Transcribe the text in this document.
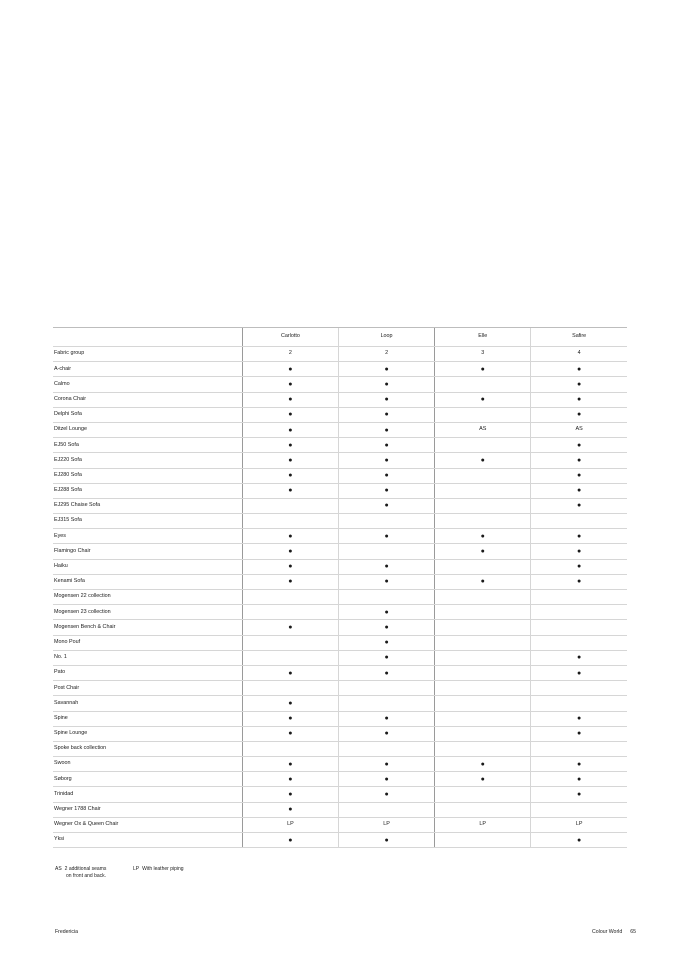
	Carlotto	Loop	Elle	Safire
Fabric group	2	2	3	4
A-chair	●	●	●	●
Calmo	●	●		●
Corona Chair	●	●	●	●
Delphi Sofa	●	●		●
Ditzel Lounge	●	●	AS	AS
EJ50 Sofa	●	●		●
EJ220 Sofa	●	●	●	●
EJ280 Sofa	●	●		●
EJ288 Sofa	●	●		●
EJ295 Chaise Sofa		●		●
EJ315 Sofa				
Eyes	●	●	●	●
Flamingo Chair	●		●	●
Haiku	●	●		●
Kenami Sofa	●	●	●	●
Mogensen 22 collection				
Mogensen 23 collection		●		
Mogensen Bench & Chair	●	●		
Mono Pouf		●		
No. 1		●		●
Pato	●	●		●
Post Chair				
Savannah	●			
Spine	●	●		●
Spine Lounge	●	●		●
Spoke back collection				
Swoon	●	●	●	●
Søborg	●	●	●	●
Trinidad	●	●		●
Wegner 1788 Chair	●			
Wegner Ox & Queen Chair	LP	LP	LP	LP
Yksi	●	●		●
AS 2 additional seams
on front and back.
LP With leather piping
Fredericia	Colour World 65
